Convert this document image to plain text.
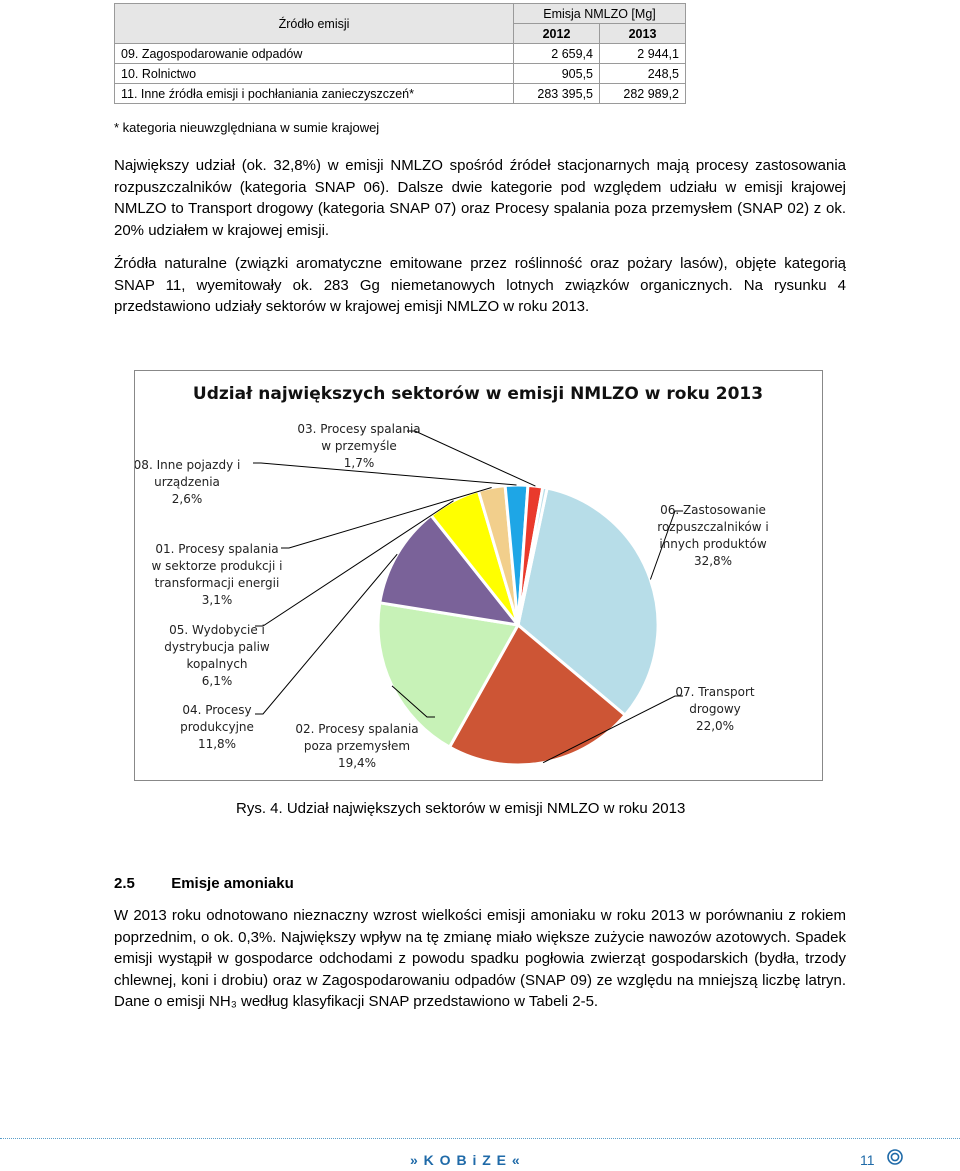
Źródło emisji	Emisja NMLZO [Mg]	
	2012	2013
09. Zagospodarowanie odpadów	2 659,4	2 944,1
10. Rolnictwo	905,5	248,5
11. Inne źródła emisji i pochłaniania zanieczyszczeń*	283 395,5	282 989,2
* kategoria nieuwzględniana w sumie krajowej
Największy udział (ok. 32,8%) w emisji NMLZO spośród źródeł stacjonarnych mają procesy zastosowania rozpuszczalników (kategoria SNAP 06). Dalsze dwie kategorie pod względem udziału w emisji krajowej NMLZO to Transport drogowy (kategoria SNAP 07) oraz Procesy spalania poza przemysłem (SNAP 02) z ok. 20% udziałem w krajowej emisji.
Źródła naturalne (związki aromatyczne emitowane przez roślinność oraz pożary lasów), objęte kategorią SNAP 11, wyemitowały ok. 283 Gg niemetanowych lotnych związków organicznych. Na rysunku 4 przedstawiono udziały sektorów w krajowej emisji NMLZO w roku 2013.
Udział największych sektorów w emisji NMLZO w roku 2013
06. Zastosowanie rozpuszczalników i innych produktów 32,8%
07. Transport drogowy 22,0%
02. Procesy spalania poza przemysłem 19,4%
04. Procesy produkcyjne 11,8%
05. Wydobycie i dystrybucja paliw kopalnych 6,1%
01. Procesy spalania w sektorze produkcji i transformacji energii 3,1%
08. Inne pojazdy i urządzenia 2,6%
03. Procesy spalania w przemyśle 1,7%
Rys. 4. Udział największych sektorów w emisji NMLZO w roku 2013
2.5 Emisje amoniaku
W 2013 roku odnotowano nieznaczny wzrost wielkości emisji amoniaku w roku 2013 w porównaniu z rokiem poprzednim, o ok. 0,3%. Największy wpływ na tę zmianę miało większe zużycie nawozów azotowych. Spadek emisji wystąpił w gospodarce odchodami z powodu spadku pogłowia zwierząt gospodarskich (bydła, trzody chlewnej, koni i drobiu) oraz w Zagospodarowaniu odpadów (SNAP 09) ze względu na mniejszą liczbę latryn. Dane o emisji NH₃ według klasyfikacji SNAP przedstawiono w Tabeli 2-5.
» K O B i Z E «	11
